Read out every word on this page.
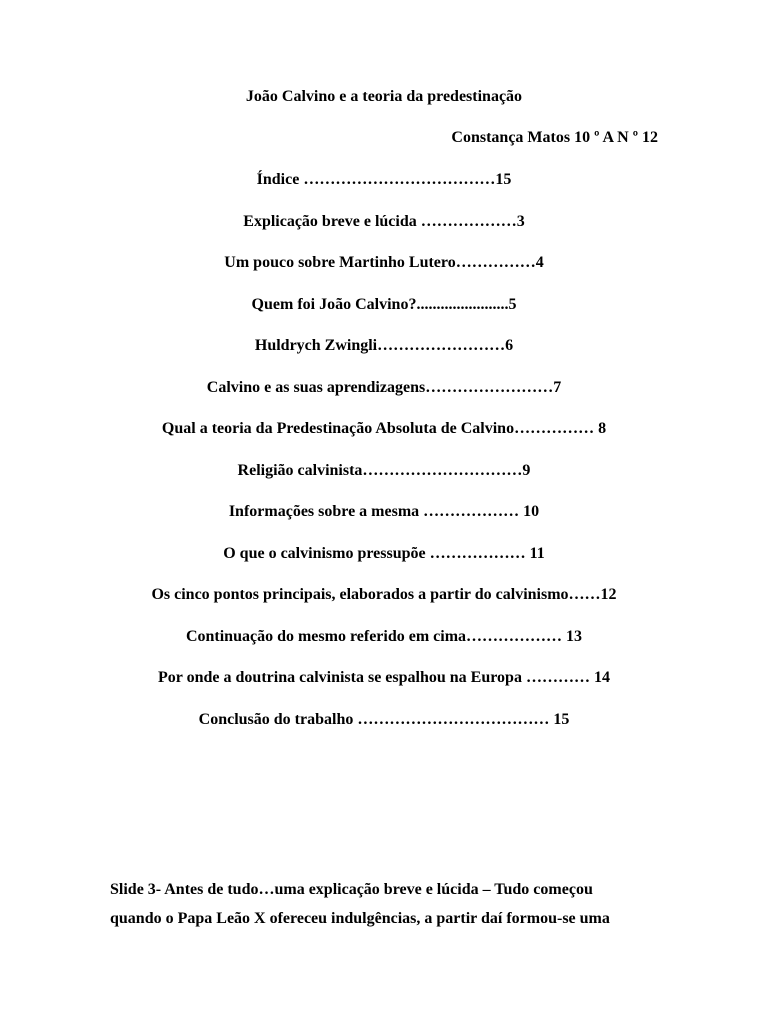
João Calvino e a teoria da predestinação
Constança Matos 10 º A N º 12
Índice ………………………………15
Explicação breve e lúcida ………………3
Um pouco sobre Martinho Lutero……………4
Quem foi João Calvino?.......................5
Huldrych Zwingli……………………6
Calvino e as suas aprendizagens……………………7
Qual a teoria da Predestinação Absoluta de Calvino…………… 8
Religião calvinista…………………………9
Informações sobre a mesma ……………… 10
O que o calvinismo pressupõe ……………… 11
Os cinco pontos principais, elaborados a partir do calvinismo……12
Continuação do mesmo referido em cima……………… 13
Por onde a doutrina calvinista se espalhou na Europa ………… 14
Conclusão do trabalho ……………………………… 15

Slide 3- Antes de tudo…uma explicação breve e lúcida – Tudo começou

quando o Papa Leão X ofereceu indulgências, a partir daí formou-se uma
